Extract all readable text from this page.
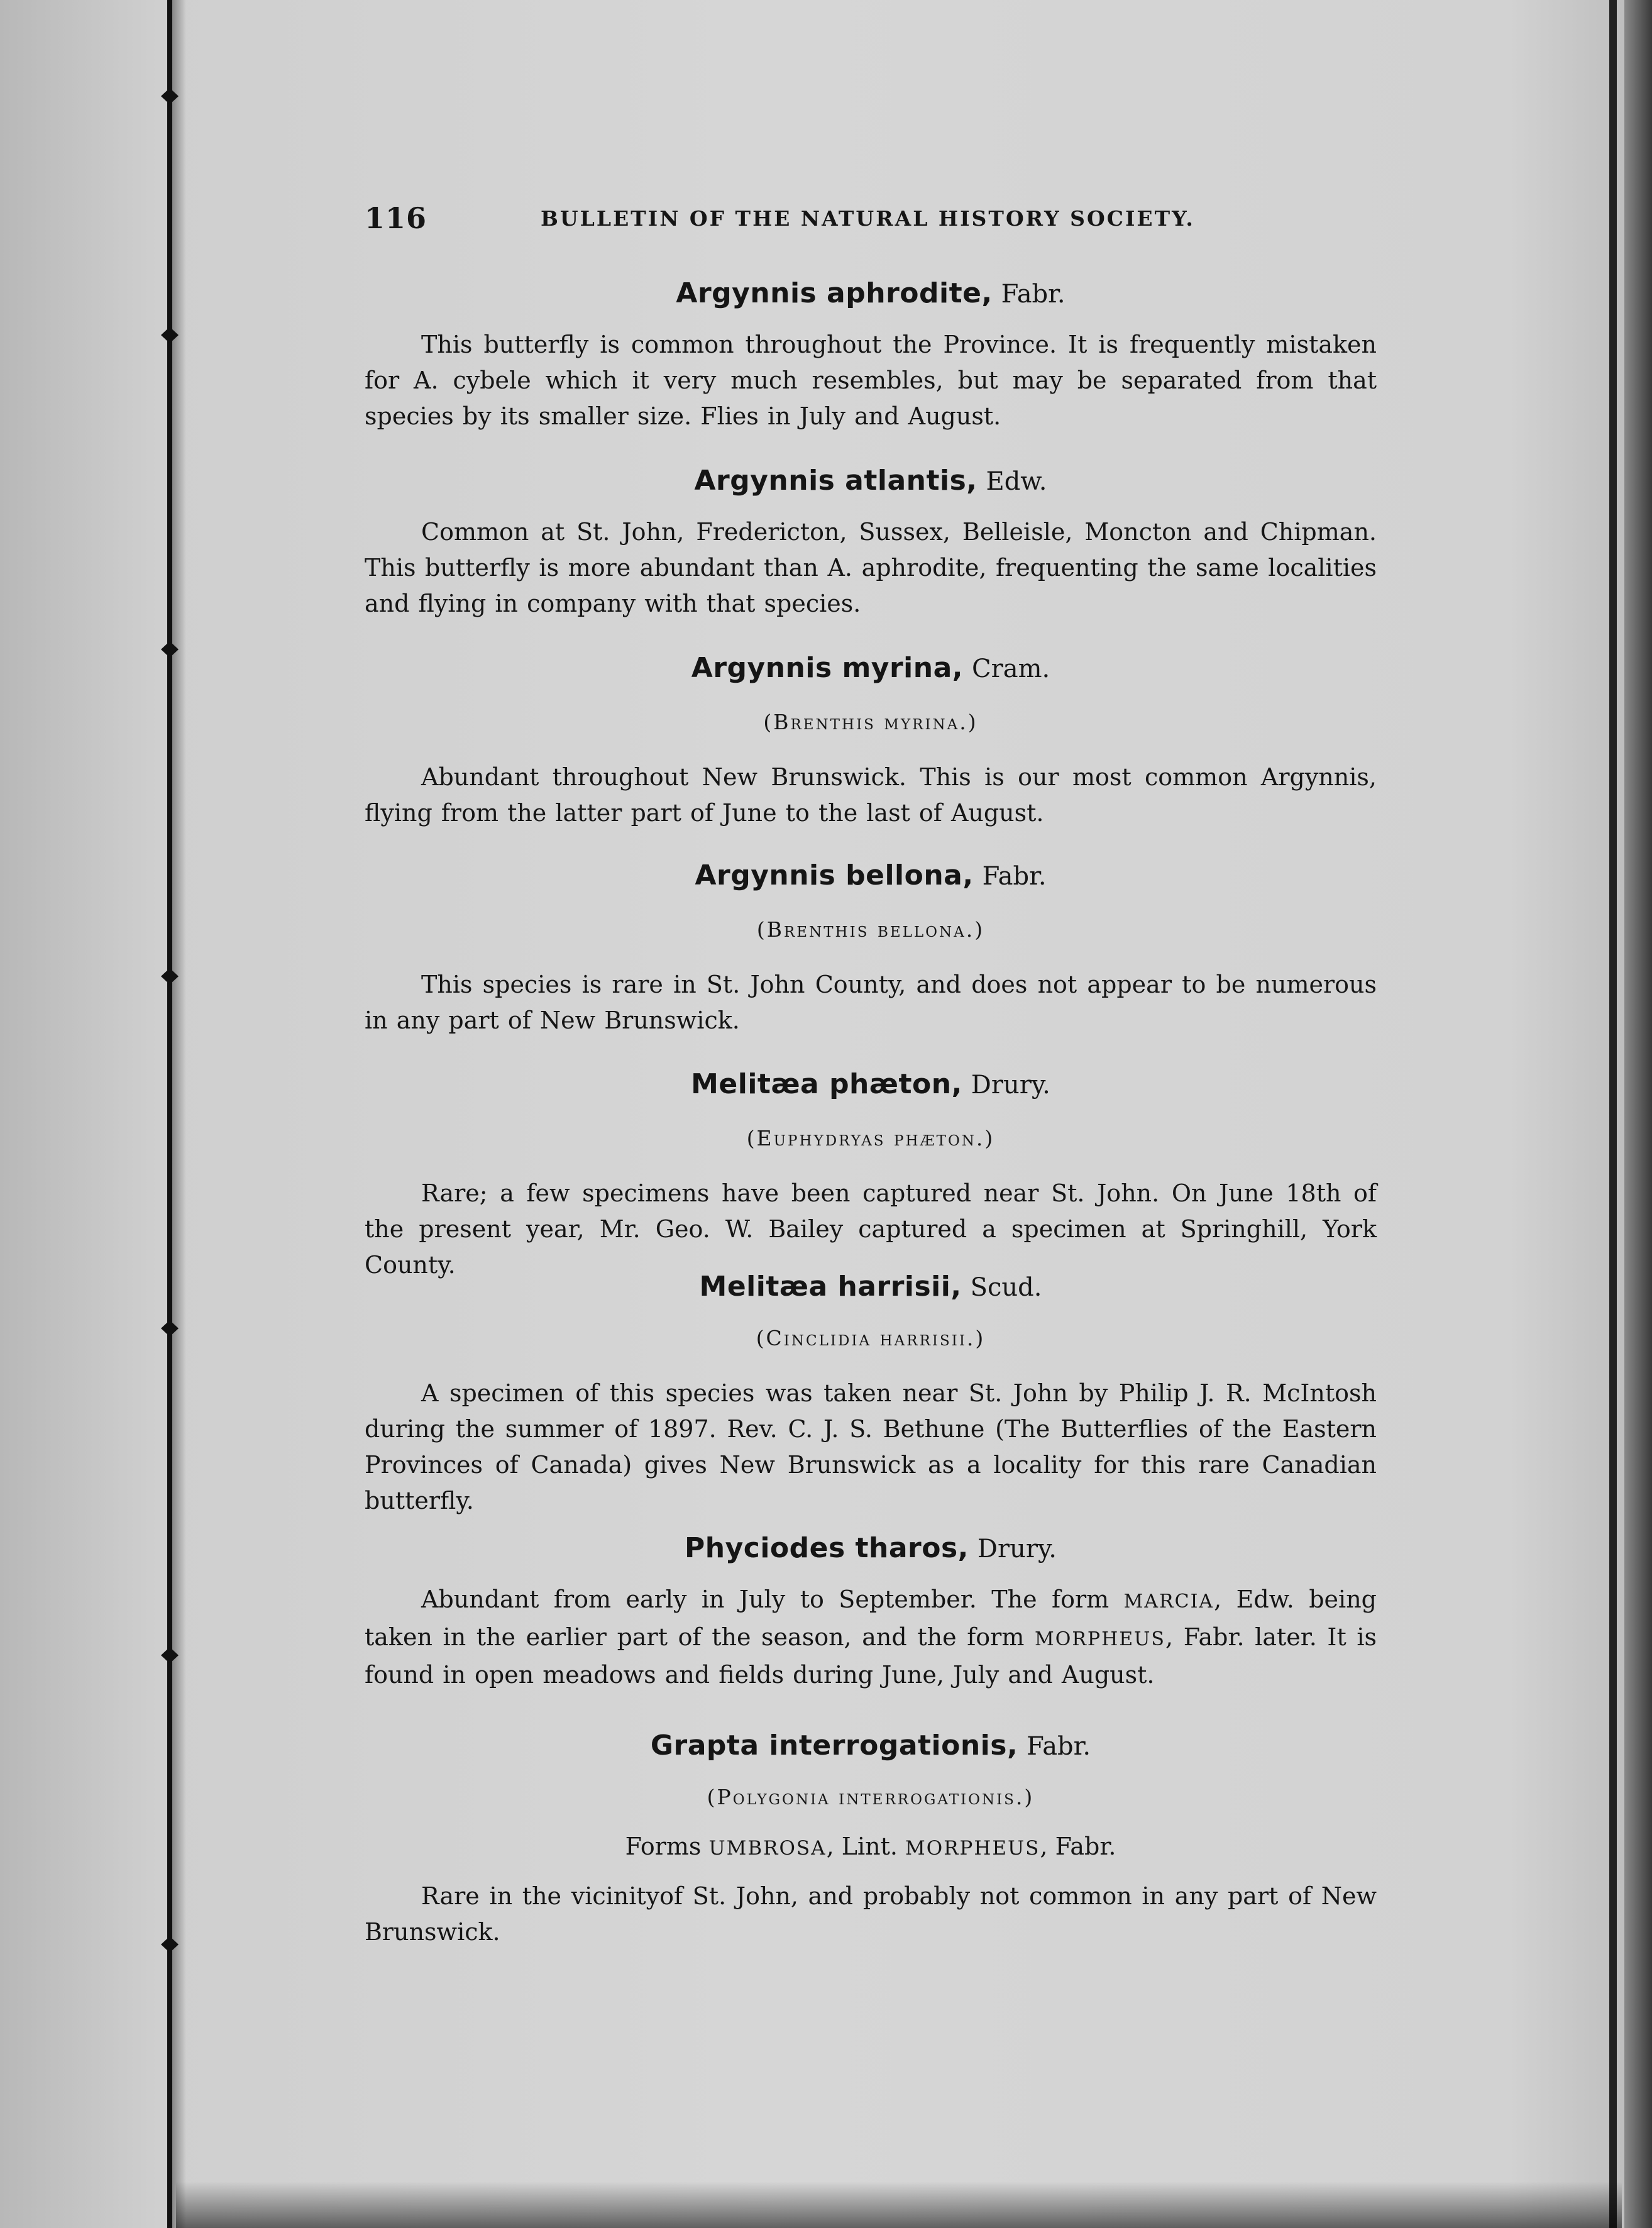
116	BULLETIN OF THE NATURAL HISTORY SOCIETY.
Argynnis aphrodite, Fabr.
This butterfly is common throughout the Province. It is frequently mistaken for A. cybele which it very much resembles, but may be separated from that species by its smaller size. Flies in July and August.
Argynnis atlantis, Edw.
Common at St. John, Fredericton, Sussex, Belleisle, Moncton and Chipman. This butterfly is more abundant than A. aphrodite, frequenting the same localities and flying in company with that species.
Argynnis myrina, Cram.
(Brenthis myrina.)
Abundant throughout New Brunswick. This is our most common Argynnis, flying from the latter part of June to the last of August.
Argynnis bellona, Fabr.
(Brenthis bellona.)
This species is rare in St. John County, and does not appear to be numerous in any part of New Brunswick.
Melitæa phæton, Drury.
(Euphydryas phæton.)
Rare; a few specimens have been captured near St. John. On June 18th of the present year, Mr. Geo. W. Bailey captured a specimen at Springhill, York County.
Melitæa harrisii, Scud.
(Cinclidia harrisii.)
A specimen of this species was taken near St. John by Philip J. R. McIntosh during the summer of 1897. Rev. C. J. S. Bethune (The Butterflies of the Eastern Provinces of Canada) gives New Brunswick as a locality for this rare Canadian butterfly.
Phyciodes tharos, Drury.
Abundant from early in July to September. The form MARCIA, Edw. being taken in the earlier part of the season, and the form MORPHEUS, Fabr. later. It is found in open meadows and fields during June, July and August.
Grapta interrogationis, Fabr.
(Polygonia interrogationis.)
Forms UMBROSA, Lint. MORPHEUS, Fabr.
Rare in the vicinityof St. John, and probably not common in any part of New Brunswick.
